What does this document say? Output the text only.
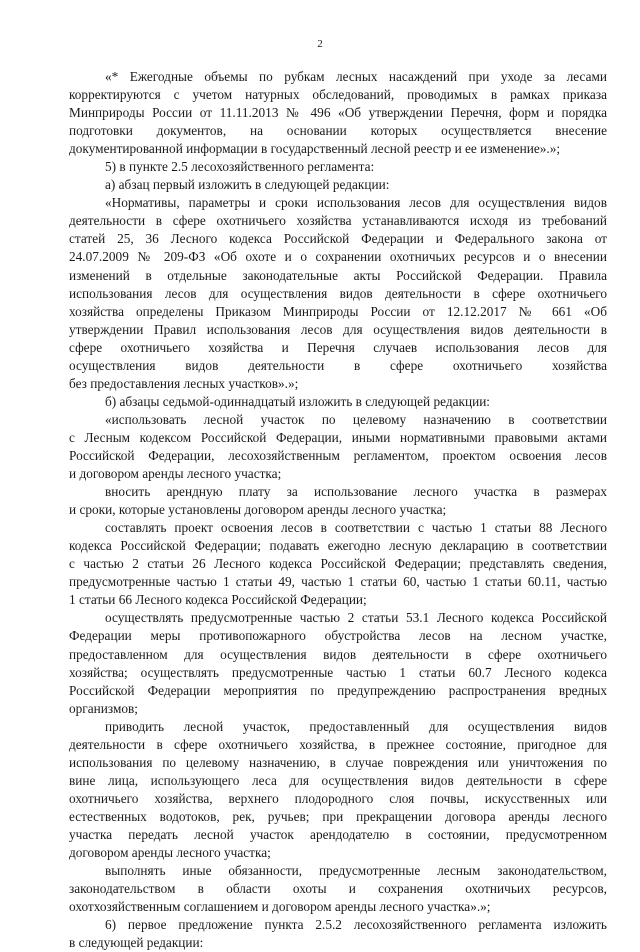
2
«* Ежегодные объемы по рубкам лесных насаждений при уходе за лесами
корректируются с учетом натурных обследований, проводимых в рамках приказа
Минприроды России от 11.11.2013 № 496 «Об утверждении Перечня, форм и порядка
подготовки документов, на основании которых осуществляется внесение
документированной информации в государственный лесной реестр и ее изменение».»;
5) в пункте 2.5 лесохозяйственного регламента:
а) абзац первый изложить в следующей редакции:
«Нормативы, параметры и сроки использования лесов для осуществления видов
деятельности в сфере охотничьего хозяйства устанавливаются исходя из требований
статей 25, 36 Лесного кодекса Российской Федерации и Федерального закона от
24.07.2009 № 209-ФЗ «Об охоте и о сохранении охотничьих ресурсов и о внесении
изменений в отдельные законодательные акты Российской Федерации. Правила
использования лесов для осуществления видов деятельности в сфере охотничьего
хозяйства определены Приказом Минприроды России от 12.12.2017 № 661 «Об
утверждении Правил использования лесов для осуществления видов деятельности в
сфере охотничьего хозяйства и Перечня случаев использования лесов для
осуществления видов деятельности в сфере охотничьего хозяйства
без предоставления лесных участков».»;
б) абзацы седьмой-одиннадцатый изложить в следующей редакции:
«использовать лесной участок по целевому назначению в соответствии
с Лесным кодексом Российской Федерации, иными нормативными правовыми актами
Российской Федерации, лесохозяйственным регламентом, проектом освоения лесов
и договором аренды лесного участка;
вносить арендную плату за использование лесного участка в размерах
и сроки, которые установлены договором аренды лесного участка;
составлять проект освоения лесов в соответствии с частью 1 статьи 88 Лесного
кодекса Российской Федерации; подавать ежегодно лесную декларацию в соответствии
с частью 2 статьи 26 Лесного кодекса Российской Федерации; представлять сведения,
предусмотренные частью 1 статьи 49, частью 1 статьи 60, частью 1 статьи 60.11, частью
1 статьи 66 Лесного кодекса Российской Федерации;
осуществлять предусмотренные частью 2 статьи 53.1 Лесного кодекса Российской
Федерации меры противопожарного обустройства лесов на лесном участке,
предоставленном для осуществления видов деятельности в сфере охотничьего
хозяйства; осуществлять предусмотренные частью 1 статьи 60.7 Лесного кодекса
Российской Федерации мероприятия по предупреждению распространения вредных
организмов;
приводить лесной участок, предоставленный для осуществления видов
деятельности в сфере охотничьего хозяйства, в прежнее состояние, пригодное для
использования по целевому назначению, в случае повреждения или уничтожения по
вине лица, использующего леса для осуществления видов деятельности в сфере
охотничьего хозяйства, верхнего плодородного слоя почвы, искусственных или
естественных водотоков, рек, ручьев; при прекращении договора аренды лесного
участка передать лесной участок арендодателю в состоянии, предусмотренном
договором аренды лесного участка;
выполнять иные обязанности, предусмотренные лесным законодательством,
законодательством в области охоты и сохранения охотничьих ресурсов,
охотхозяйственным соглашением и договором аренды лесного участка».»;
6) первое предложение пункта 2.5.2 лесохозяйственного регламента изложить
в следующей редакции:
